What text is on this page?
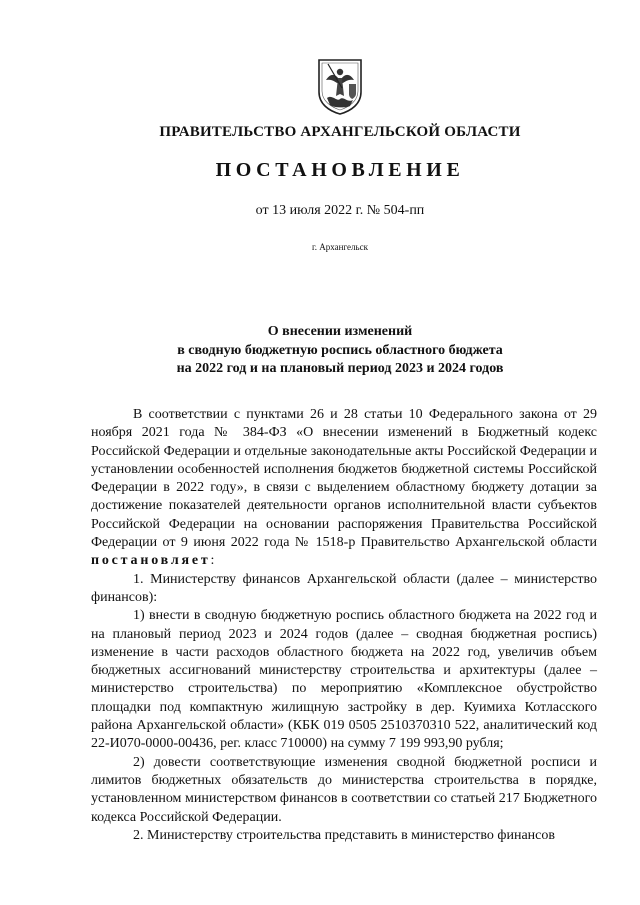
ПРАВИТЕЛЬСТВО АРХАНГЕЛЬСКОЙ ОБЛАСТИ
ПОСТАНОВЛЕНИЕ
от 13 июля 2022 г. № 504-пп
г. Архангельск
О внесении изменений
в сводную бюджетную роспись областного бюджета
на 2022 год и на плановый период 2023 и 2024 годов

В соответствии с пунктами 26 и 28 статьи 10 Федерального закона от 29 ноября 2021 года № 384-ФЗ «О внесении изменений в Бюджетный кодекс Российской Федерации и отдельные законодательные акты Российской Федерации и установлении особенностей исполнения бюджетов бюджетной системы Российской Федерации в 2022 году», в связи с выделением областному бюджету дотации за достижение показателей деятельности органов исполнительной власти субъектов Российской Федерации на основании распоряжения Правительства Российской Федерации от 9 июня 2022 года № 1518-р Правительство Архангельской области постановляет:

1. Министерству финансов Архангельской области (далее – министерство финансов):

1) внести в сводную бюджетную роспись областного бюджета на 2022 год и на плановый период 2023 и 2024 годов (далее – сводная бюджетная роспись) изменение в части расходов областного бюджета на 2022 год, увеличив объем бюджетных ассигнований министерству строительства и архитектуры (далее – министерство строительства) по мероприятию «Комплексное обустройство площадки под компактную жилищную застройку в дер. Куимиха Котласского района Архангельской области» (КБК 019 0505 2510370310 522, аналитический код 22-И070-0000-00436, рег. класс 710000) на сумму 7 199 993,90 рубля;

2) довести соответствующие изменения сводной бюджетной росписи и лимитов бюджетных обязательств до министерства строительства в порядке, установленном министерством финансов в соответствии со статьей 217 Бюджетного кодекса Российской Федерации.

2. Министерству строительства представить в министерство финансов
